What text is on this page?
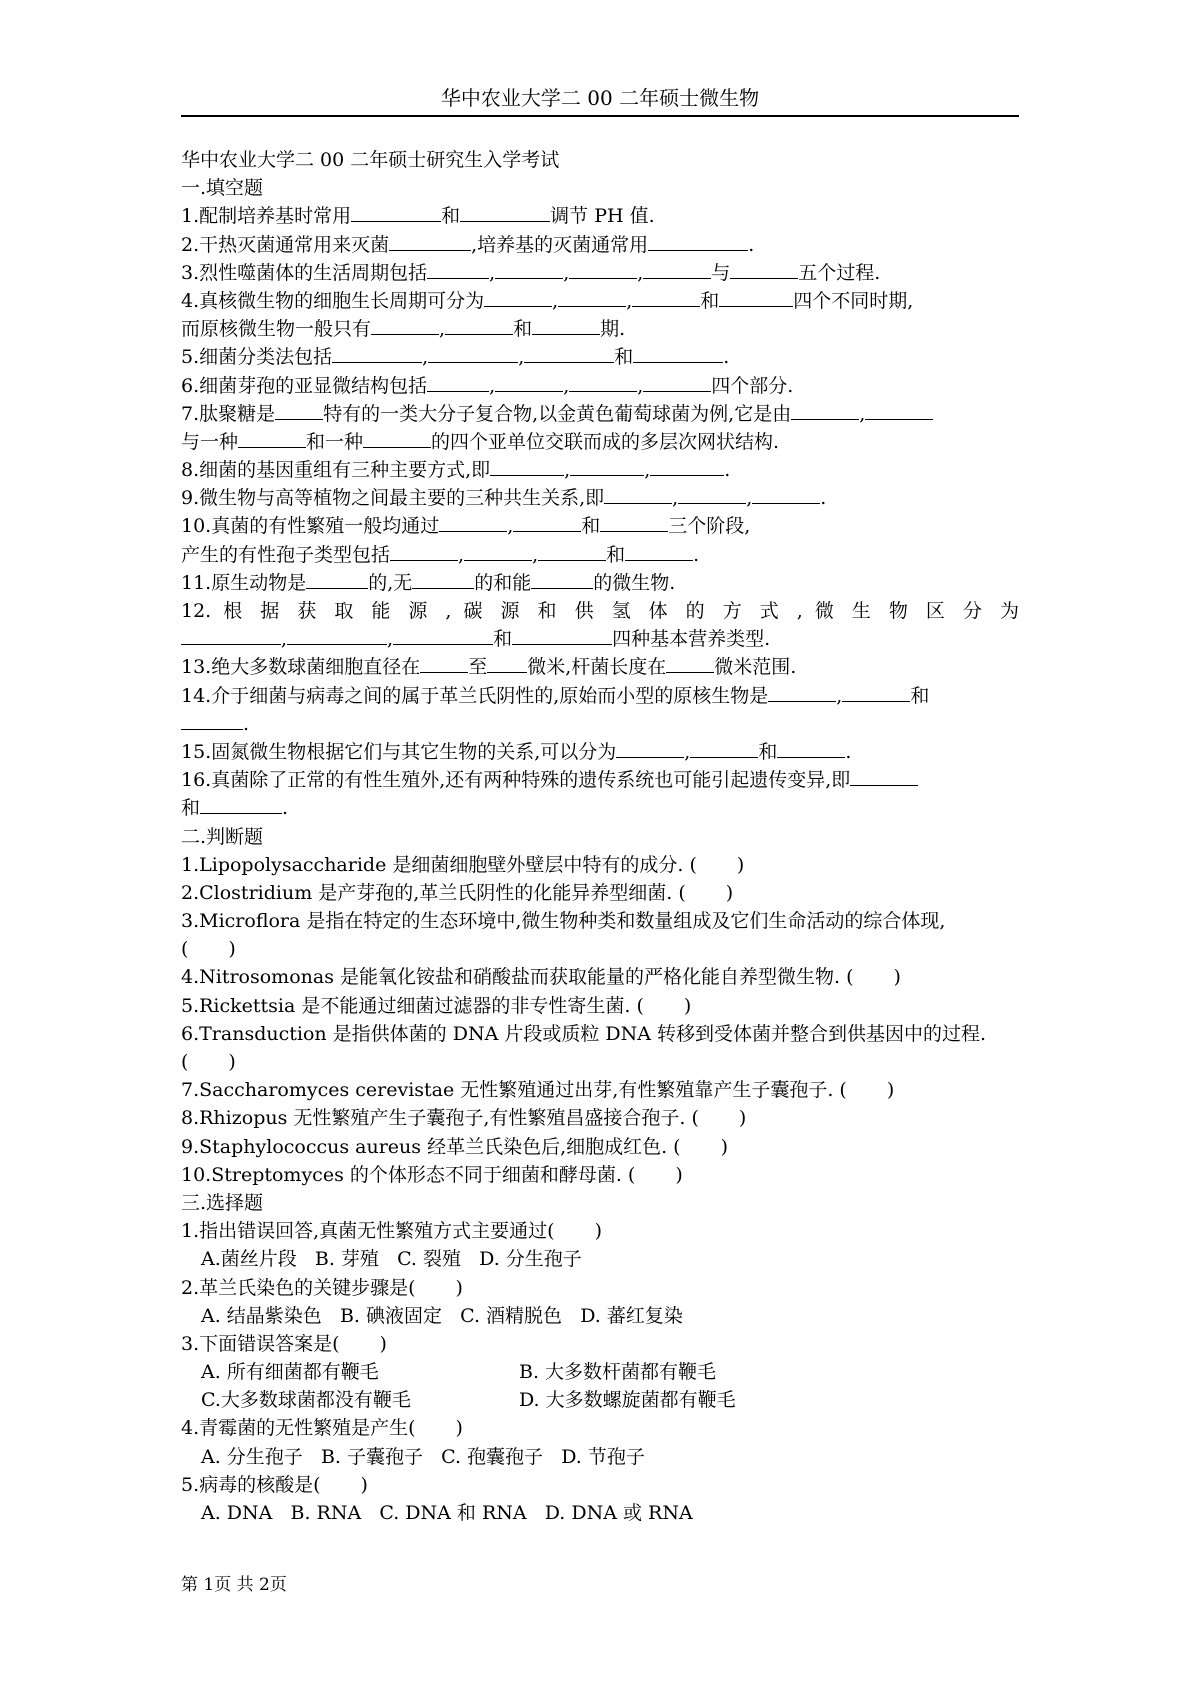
华中农业大学二 00 二年硕士微生物
华中农业大学二 00 二年硕士研究生入学考试
一.填空题
1.配制培养基时常用	和	调节 PH 值.
2.干热灭菌通常用来灭菌	,培养基的灭菌通常用	.
3.烈性噬菌体的生活周期包括	,	,	,	与	五个过程.
4.真核微生物的细胞生长周期可分为	,	,	和	四个不同时期,
而原核微生物一般只有	,	和	期.
5.细菌分类法包括	,	,	和	.
6.细菌芽孢的亚显微结构包括	,	,	,	四个部分.
7.肽聚糖是	特有的一类大分子复合物,以金黄色葡萄球菌为例,它是由	,
与一种	和一种	的四个亚单位交联而成的多层次网状结构.
8.细菌的基因重组有三种主要方式,即	,	,	.
9.微生物与高等植物之间最主要的三种共生关系,即	,	,	.
10.真菌的有性繁殖一般均通过	,	和	三个阶段,
产生的有性孢子类型包括	,	,	和	.
11.原生动物是	的,无	的和能	的微生物.
12. 根 据 获 取 能 源 , 碳 源 和 供 氢 体 的 方 式 , 微 生 物 区 分 为
,	,	和	四种基本营养类型.
13.绝大多数球菌细胞直径在	至 微米,杆菌长度在	微米范围.
14.介于细菌与病毒之间的属于革兰氏阴性的,原始而小型的原核生物是	,	和
.
15.固氮微生物根据它们与其它生物的关系,可以分为	,	和	.
16.真菌除了正常的有性生殖外,还有两种特殊的遗传系统也可能引起遗传变异,即
和	.
二.判断题
1.Lipopolysaccharide 是细菌细胞壁外壁层中特有的成分. ( )
2.Clostridium 是产芽孢的,革兰氏阴性的化能异养型细菌. ( )
3.Microflora 是指在特定的生态环境中,微生物种类和数量组成及它们生命活动的综合体现,
( )
4.Nitrosomonas 是能氧化铵盐和硝酸盐而获取能量的严格化能自养型微生物. ( )
5.Rickettsia 是不能通过细菌过滤器的非专性寄生菌. ( )
6.Transduction 是指供体菌的 DNA 片段或质粒 DNA 转移到受体菌并整合到供基因中的过程.
( )
7.Saccharomyces cerevistae 无性繁殖通过出芽,有性繁殖靠产生子囊孢子. ( )
8.Rhizopus 无性繁殖产生子囊孢子,有性繁殖昌盛接合孢子. ( )
9.Staphylococcus aureus 经革兰氏染色后,细胞成红色. ( )
10.Streptomyces 的个体形态不同于细菌和酵母菌. ( )
三.选择题
1.指出错误回答,真菌无性繁殖方式主要通过( )
A.菌丝片段 B. 芽殖 C. 裂殖 D. 分生孢子
2.革兰氏染色的关键步骤是( )
A. 结晶紫染色 B. 碘液固定 C. 酒精脱色 D. 蕃红复染
3.下面错误答案是( )
A. 所有细菌都有鞭毛	B. 大多数杆菌都有鞭毛
C.大多数球菌都没有鞭毛	D. 大多数螺旋菌都有鞭毛
4.青霉菌的无性繁殖是产生( )
A. 分生孢子 B. 子囊孢子 C. 孢囊孢子 D. 节孢子
5.病毒的核酸是( )
A. DNA B. RNA C. DNA 和 RNA D. DNA 或 RNA
第 1页 共 2页
